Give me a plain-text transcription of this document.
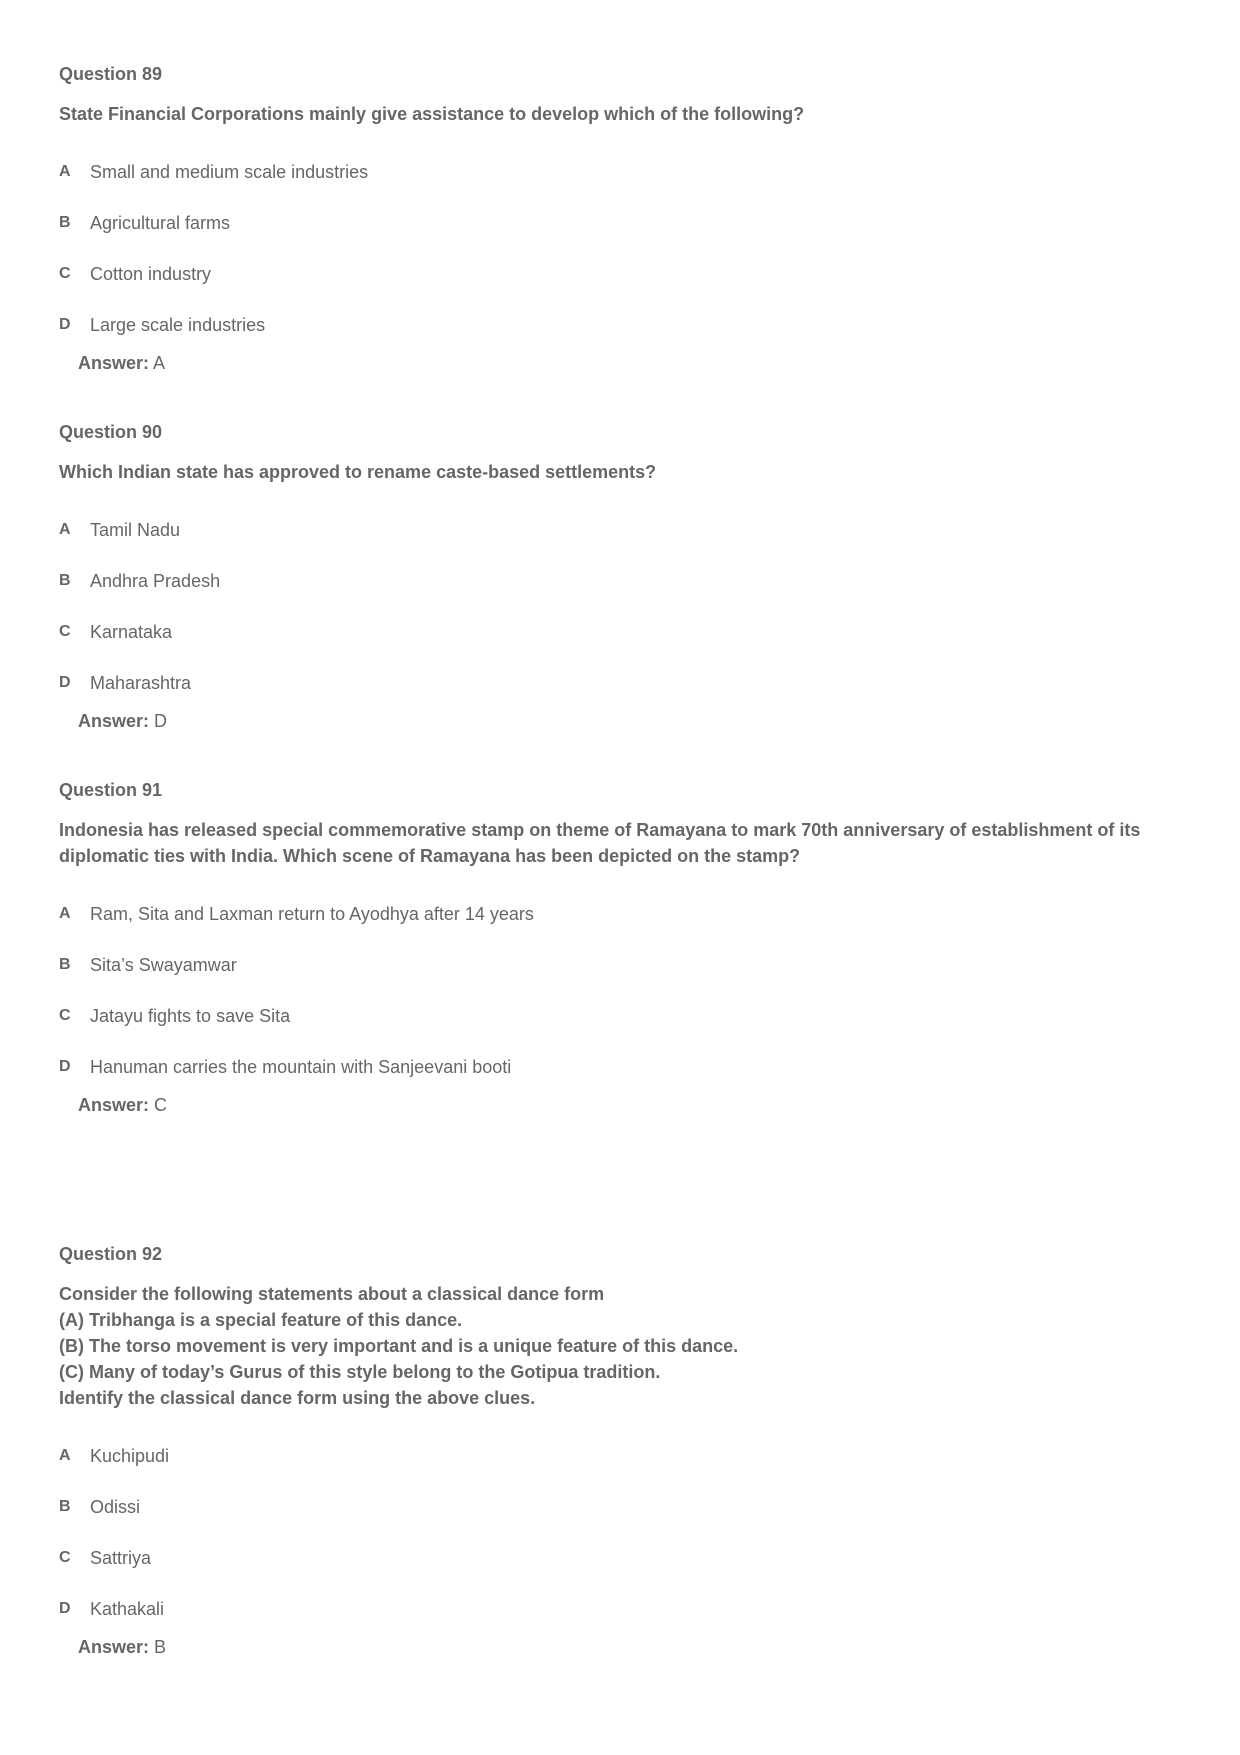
Question 89
State Financial Corporations mainly give assistance to develop which of the following?
A Small and medium scale industries
B Agricultural farms
C Cotton industry
D Large scale industries
Answer: A
Question 90
Which Indian state has approved to rename caste-based settlements?
A Tamil Nadu
B Andhra Pradesh
C Karnataka
D Maharashtra
Answer: D
Question 91
Indonesia has released special commemorative stamp on theme of Ramayana to mark 70th anniversary of establishment of its
diplomatic ties with India. Which scene of Ramayana has been depicted on the stamp?
A Ram, Sita and Laxman return to Ayodhya after 14 years
B Sita’s Swayamwar
C Jatayu fights to save Sita
D Hanuman carries the mountain with Sanjeevani booti
Answer: C
Question 92
Consider the following statements about a classical dance form
(A) Tribhanga is a special feature of this dance.
(B) The torso movement is very important and is a unique feature of this dance.
(C) Many of today’s Gurus of this style belong to the Gotipua tradition.
Identify the classical dance form using the above clues.
A Kuchipudi
B Odissi
C Sattriya
D Kathakali
Answer: B
